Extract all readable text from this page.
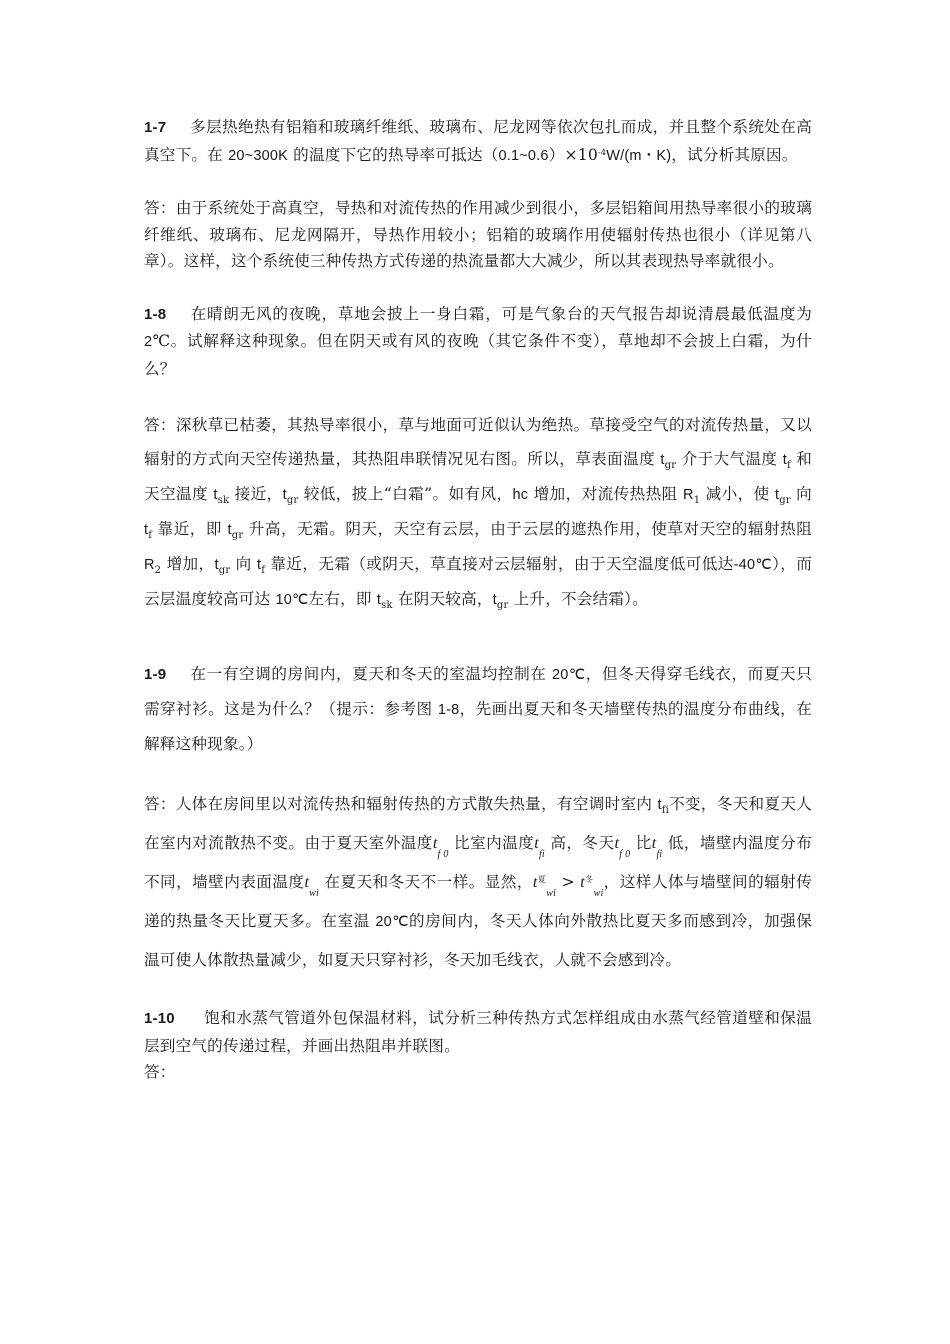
1-7 多层热绝热有铝箱和玻璃纤维纸、玻璃布、尼龙网等依次包扎而成，并且整个系统处在高真空下。在 20~300K 的温度下它的热导率可抵达$(0.1\sim 0.6)\times 10^{-4}W/(m$・K)，试分析其原因。

答：由于系统处于高真空，导热和对流传热的作用减少到很小，多层铝箱间用热导率很小的玻璃纤维纸、玻璃布、尼龙网隔开，导热作用较小；铝箱的玻璃作用使辐射传热也很小（详见第八章）。这样，这个系统使三种传热方式传递的热流量都大大减少，所以其表现热导率就很小。

1-8 在晴朗无风的夜晚，草地会披上一身白霜，可是气象台的天气报告却说清晨最低温度为 2℃。试解释这种现象。但在阴天或有风的夜晚（其它条件不变），草地却不会披上白霜，为什么？

答：深秋草已枯萎，其热导率很小，草与地面可近似认为绝热。草接受空气的对流传热量，又以辐射的方式向天空传递热量，其热阻串联情况见右图。所以，草表面温度 $t_{gr}$ 介于大气温度 $t_f$ 和天空温度 $t_{sk}$ 接近，$t_{gr}$ 较低，披上“白霜”。如有风，hc 增加，对流传热热阻 $R_1$ 减小，使 $t_{gr}$ 向 $t_f$ 靠近，即 $t_{gr}$ 升高，无霜。阴天，天空有云层，由于云层的遮热作用，使草对天空的辐射热阻 $R_2$ 增加，$t_{gr}$ 向 $t_f$ 靠近，无霜（或阴天，草直接对云层辐射，由于天空温度低可低达-40℃），而云层温度较高可达 10℃左右，即 $t_{sk}$ 在阴天较高，$t_{gr}$ 上升，不会结霜）。

1-9 在一有空调的房间内，夏天和冬天的室温均控制在 20℃，但冬天得穿毛线衣，而夏天只需穿衬衫。这是为什么？（提示：参考图 1-8，先画出夏天和冬天墙壁传热的温度分布曲线，在解释这种现象。）

答：人体在房间里以对流传热和辐射传热的方式散失热量，有空调时室内 $t_{fi}$不变，冬天和夏天人在室内对流散热不变。由于夏天室外温度$t_{f 0}$ 比室内温度$t_{fi}$ 高，冬天$t_{f 0}$ 比$t_{fi}$ 低，墙壁内温度分布不同，墙壁内表面温度$t_{wi}$ 在夏天和冬天不一样。显然，$t^夏_{wi} > t^冬_{wi}$，这样人体与墙壁间的辐射传递的热量冬天比夏天多。在室温 20℃的房间内，冬天人体向外散热比夏天多而感到冷，加强保温可使人体散热量减少，如夏天只穿衬衫，冬天加毛线衣，人就不会感到冷。

1-10 饱和水蒸气管道外包保温材料，试分析三种传热方式怎样组成由水蒸气经管道壁和保温层到空气的传递过程，并画出热阻串并联图。

答：
